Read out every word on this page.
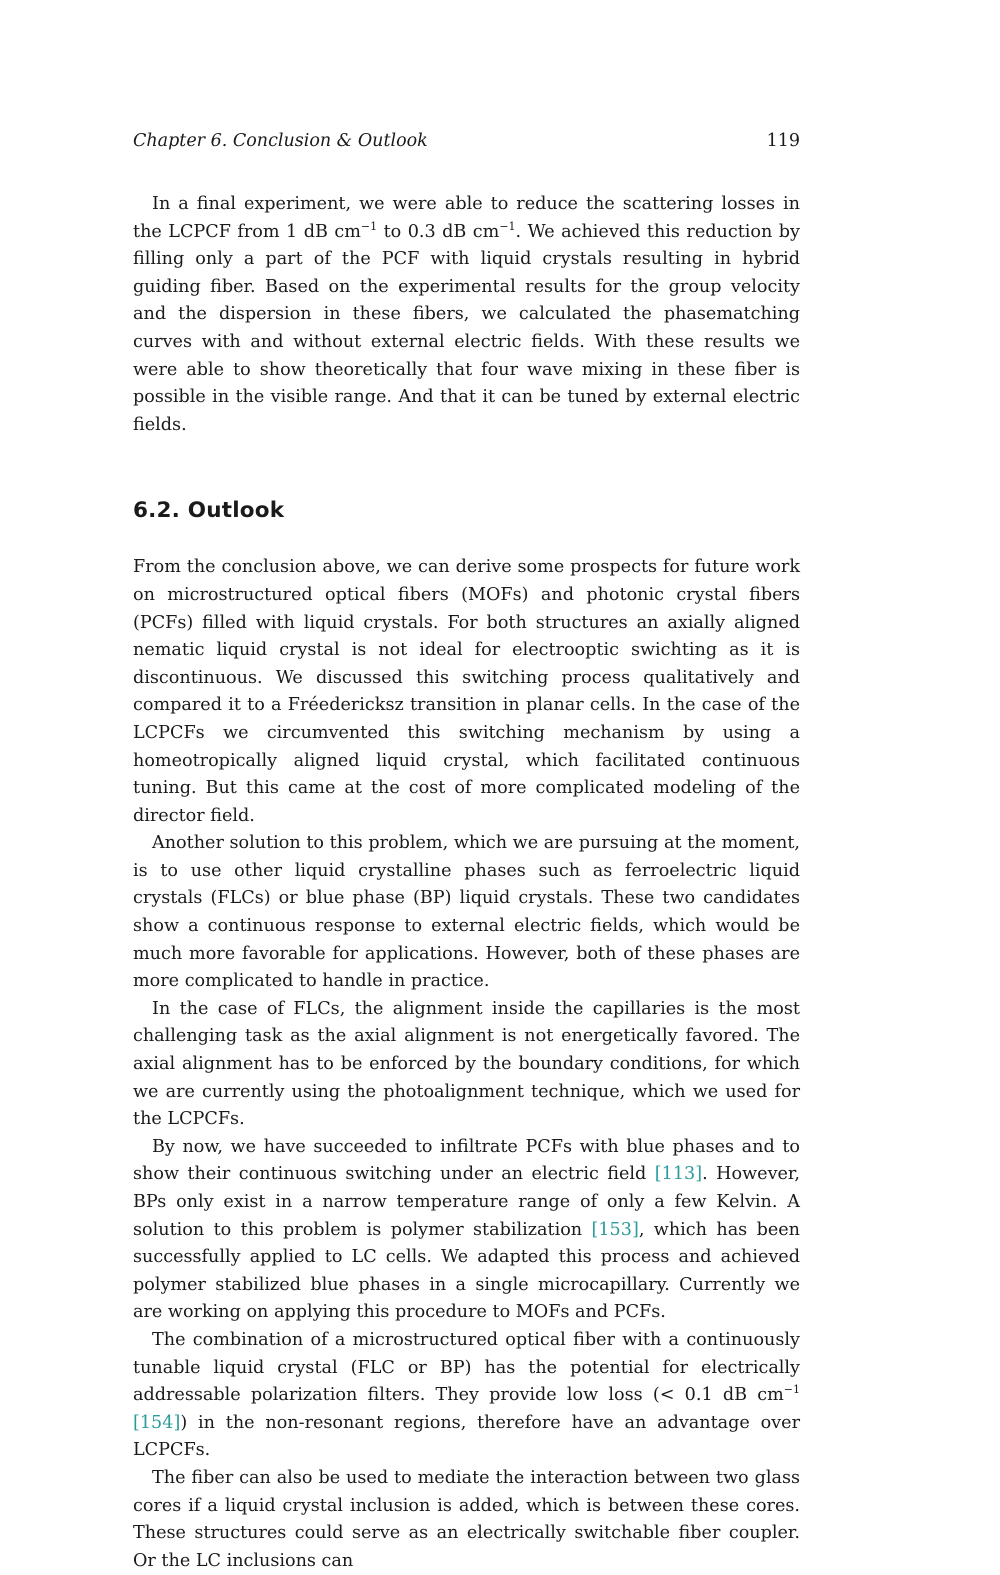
Chapter 6. Conclusion & Outlook	119

In a final experiment, we were able to reduce the scattering losses in the LCPCF from 1 dB $cm^{-1}$ to 0.3 dB $cm^{-1}$. We achieved this reduction by filling only a part of the PCF with liquid crystals resulting in hybrid guiding fiber. Based on the experimental results for the group velocity and the dispersion in these fibers, we calculated the phasematching curves with and without external electric fields. With these results we were able to show theoretically that four wave mixing in these fiber is possible in the visible range. And that it can be tuned by external electric fields.

6.2. Outlook

From the conclusion above, we can derive some prospects for future work on microstructured optical fibers (MOFs) and photonic crystal fibers (PCFs) filled with liquid crystals. For both structures an axially aligned nematic liquid crystal is not ideal for electrooptic swichting as it is discontinuous. We discussed this switching process qualitatively and compared it to a Fréedericksz transition in planar cells. In the case of the LCPCFs we circumvented this switching mechanism by using a homeotropically aligned liquid crystal, which facilitated continuous tuning. But this came at the cost of more complicated modeling of the director field.

Another solution to this problem, which we are pursuing at the moment, is to use other liquid crystalline phases such as ferroelectric liquid crystals (FLCs) or blue phase (BP) liquid crystals. These two candidates show a continuous response to external electric fields, which would be much more favorable for applications. However, both of these phases are more complicated to handle in practice.

In the case of FLCs, the alignment inside the capillaries is the most challenging task as the axial alignment is not energetically favored. The axial alignment has to be enforced by the boundary conditions, for which we are currently using the photoalignment technique, which we used for the LCPCFs.

By now, we have succeeded to infiltrate PCFs with blue phases and to show their continuous switching under an electric field [113]. However, BPs only exist in a narrow temperature range of only a few Kelvin. A solution to this problem is polymer stabilization [153], which has been successfully applied to LC cells. We adapted this process and achieved polymer stabilized blue phases in a single microcapillary. Currently we are working on applying this procedure to MOFs and PCFs.

The combination of a microstructured optical fiber with a continuously tunable liquid crystal (FLC or BP) has the potential for electrically addressable polarization filters. They provide low loss (< 0.1 dB $cm^{-1}$ [154]) in the non-resonant regions, therefore have an advantage over LCPCFs.

The fiber can also be used to mediate the interaction between two glass cores if a liquid crystal inclusion is added, which is between these cores. These structures could serve as an electrically switchable fiber coupler. Or the LC inclusions can
